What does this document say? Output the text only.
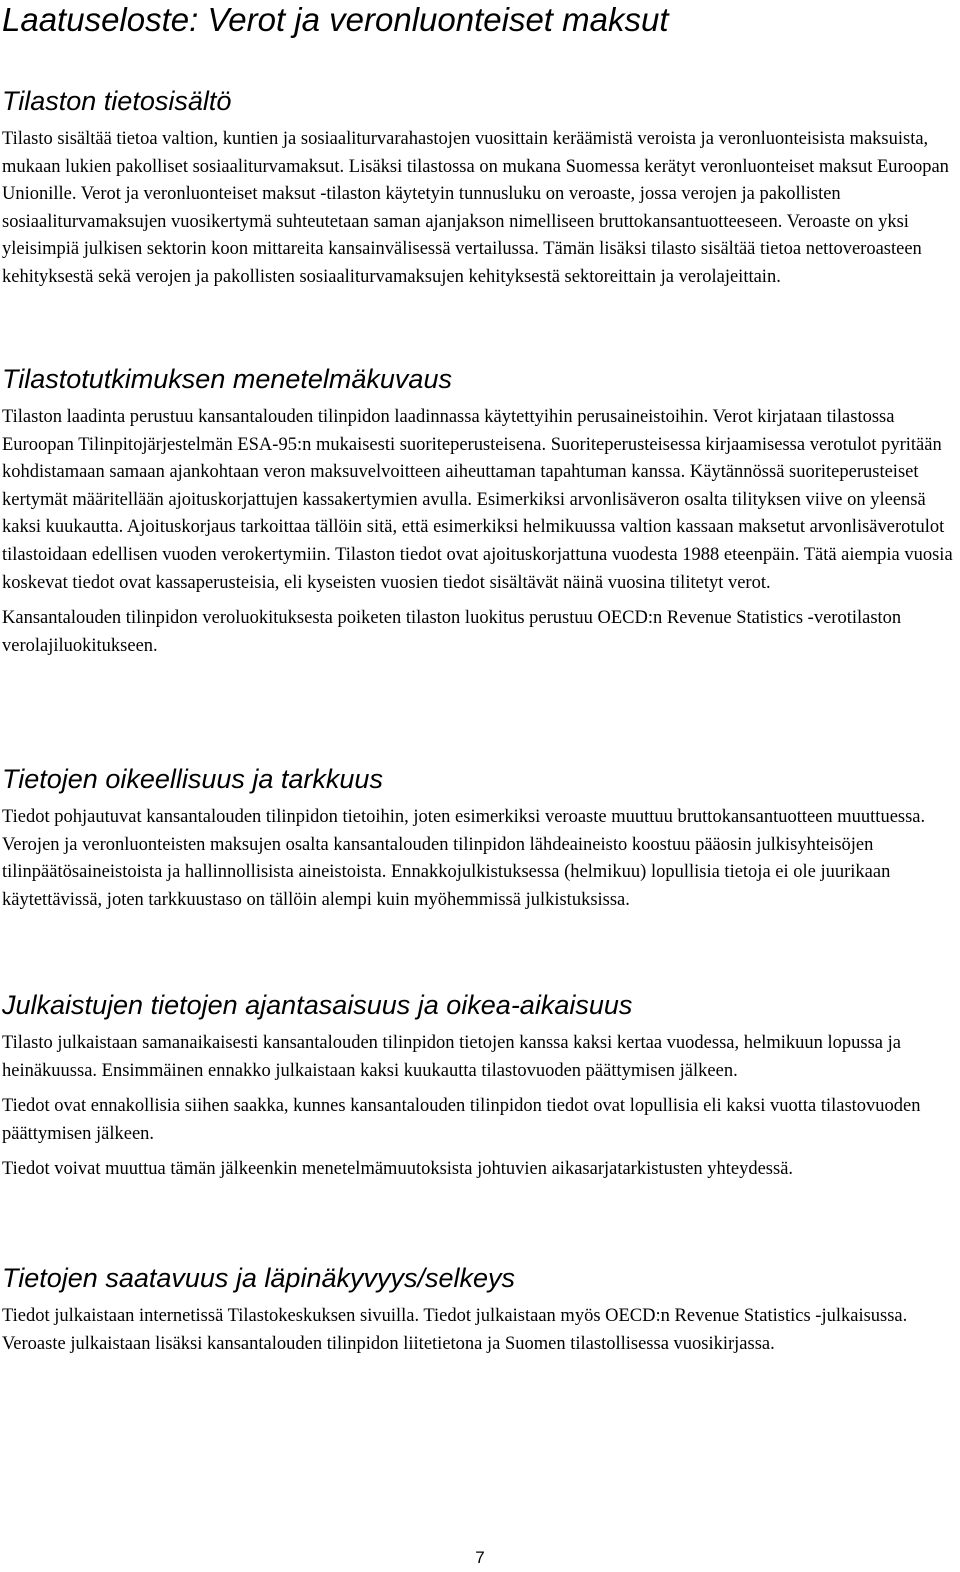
Laatuseloste: Verot ja veronluonteiset maksut
Tilaston tietosisältö

Tilasto sisältää tietoa valtion, kuntien ja sosiaaliturvarahastojen vuosittain keräämistä veroista ja veronluonteisista maksuista, mukaan lukien pakolliset sosiaaliturvamaksut. Lisäksi tilastossa on mukana Suomessa kerätyt veronluonteiset maksut Euroopan Unionille. Verot ja veronluonteiset maksut -tilaston käytetyin tunnusluku on veroaste, jossa verojen ja pakollisten sosiaaliturvamaksujen vuosikertymä suhteutetaan saman ajanjakson nimelliseen bruttokansantuotteeseen. Veroaste on yksi yleisimpiä julkisen sektorin koon mittareita kansainvälisessä vertailussa. Tämän lisäksi tilasto sisältää tietoa nettoveroasteen kehityksestä sekä verojen ja pakollisten sosiaaliturvamaksujen kehityksestä sektoreittain ja verolajeittain.

Tilastotutkimuksen menetelmäkuvaus

Tilaston laadinta perustuu kansantalouden tilinpidon laadinnassa käytettyihin perusaineistoihin. Verot kirjataan tilastossa Euroopan Tilinpitojärjestelmän ESA-95:n mukaisesti suoriteperusteisena. Suoriteperusteisessa kirjaamisessa verotulot pyritään kohdistamaan samaan ajankohtaan veron maksuvelvoitteen aiheuttaman tapahtuman kanssa. Käytännössä suoriteperusteiset kertymät määritellään ajoituskorjattujen kassakertymien avulla. Esimerkiksi arvonlisäveron osalta tilityksen viive on yleensä kaksi kuukautta. Ajoituskorjaus tarkoittaa tällöin sitä, että esimerkiksi helmikuussa valtion kassaan maksetut arvonlisäverotulot tilastoidaan edellisen vuoden verokertymiin. Tilaston tiedot ovat ajoituskorjattuna vuodesta 1988 eteenpäin. Tätä aiempia vuosia koskevat tiedot ovat kassaperusteisia, eli kyseisten vuosien tiedot sisältävät näinä vuosina tilitetyt verot.

Kansantalouden tilinpidon veroluokituksesta poiketen tilaston luokitus perustuu OECD:n Revenue Statistics -verotilaston verolajiluokitukseen.

Tietojen oikeellisuus ja tarkkuus

Tiedot pohjautuvat kansantalouden tilinpidon tietoihin, joten esimerkiksi veroaste muuttuu bruttokansantuotteen muuttuessa. Verojen ja veronluonteisten maksujen osalta kansantalouden tilinpidon lähdeaineisto koostuu pääosin julkisyhteisöjen tilinpäätösaineistoista ja hallinnollisista aineistoista. Ennakkojulkistuksessa (helmikuu) lopullisia tietoja ei ole juurikaan käytettävissä, joten tarkkuustaso on tällöin alempi kuin myöhemmissä julkistuksissa.

Julkaistujen tietojen ajantasaisuus ja oikea-aikaisuus

Tilasto julkaistaan samanaikaisesti kansantalouden tilinpidon tietojen kanssa kaksi kertaa vuodessa, helmikuun lopussa ja heinäkuussa. Ensimmäinen ennakko julkaistaan kaksi kuukautta tilastovuoden päättymisen jälkeen.

Tiedot ovat ennakollisia siihen saakka, kunnes kansantalouden tilinpidon tiedot ovat lopullisia eli kaksi vuotta tilastovuoden päättymisen jälkeen.

Tiedot voivat muuttua tämän jälkeenkin menetelmämuutoksista johtuvien aikasarjatarkistusten yhteydessä.

Tietojen saatavuus ja läpinäkyvyys/selkeys

Tiedot julkaistaan internetissä Tilastokeskuksen sivuilla. Tiedot julkaistaan myös OECD:n Revenue Statistics -julkaisussa. Veroaste julkaistaan lisäksi kansantalouden tilinpidon liitetietona ja Suomen tilastollisessa vuosikirjassa.

7
